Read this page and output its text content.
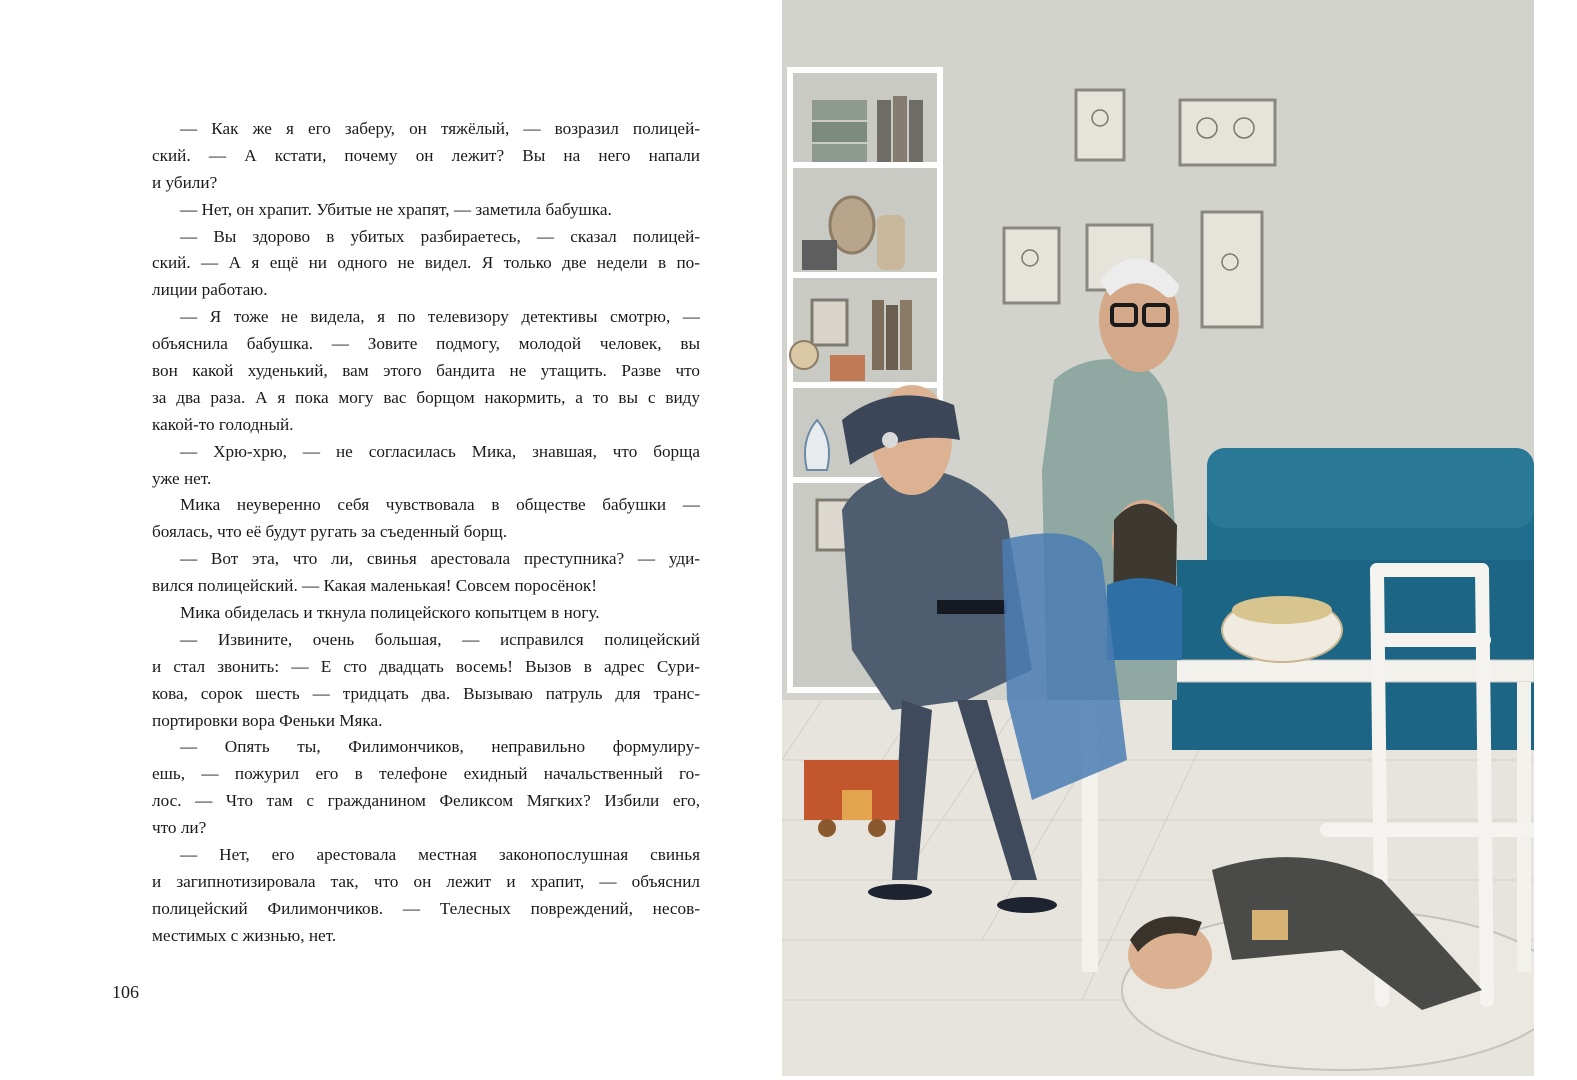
— Как же я его заберу, он тяжёлый, — возразил полицей-
ский. — А кстати, почему он лежит? Вы на него напали
и убили?
— Нет, он храпит. Убитые не храпят, — заметила бабушка.
— Вы здорово в убитых разбираетесь, — сказал полицей-
ский. — А я ещё ни одного не видел. Я только две недели в по-
лиции работаю.
— Я тоже не видела, я по телевизору детективы смотрю, —
объяснила бабушка. — Зовите подмогу, молодой человек, вы
вон какой худенький, вам этого бандита не утащить. Разве что
за два раза. А я пока могу вас борщом накормить, а то вы с виду
какой-то голодный.
— Хрю-хрю, — не согласилась Мика, знавшая, что борща
уже нет.
Мика неуверенно себя чувствовала в обществе бабушки —
боялась, что её будут ругать за съеденный борщ.
— Вот эта, что ли, свинья арестовала преступника? — уди-
вился полицейский. — Какая маленькая! Совсем поросёнок!
Мика обиделась и ткнула полицейского копытцем в ногу.
— Извините, очень большая, — исправился полицейский
и стал звонить: — Е сто двадцать восемь! Вызов в адрес Сури-
кова, сорок шесть — тридцать два. Вызываю патруль для транс-
портировки вора Феньки Мяка.
— Опять ты, Филимончиков, неправильно формулиру-
ешь, — пожурил его в телефоне ехидный начальственный го-
лос. — Что там с гражданином Феликсом Мягких? Избили его,
что ли?
— Нет, его арестовала местная законопослушная свинья
и загипнотизировала так, что он лежит и храпит, — объяснил
полицейский Филимончиков. — Телесных повреждений, несов-
местимых с жизнью, нет.
106
